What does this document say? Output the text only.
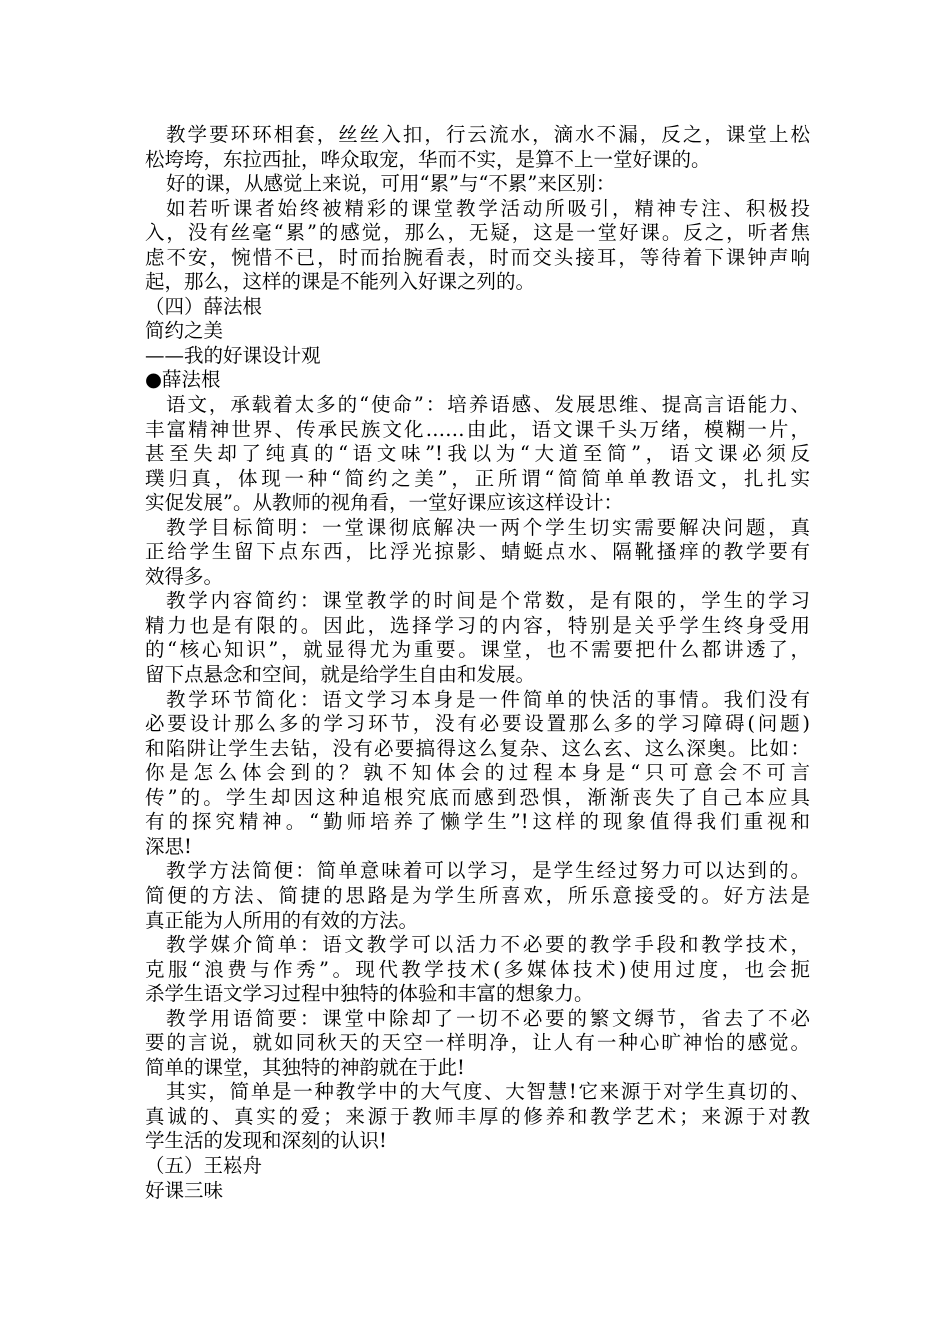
教学要环环相套，丝丝入扣，行云流水，滴水不漏，反之，课堂上松
松垮垮，东拉西扯，哗众取宠，华而不实，是算不上一堂好课的。
好的课，从感觉上来说，可用“累”与“不累”来区别：
如若听课者始终被精彩的课堂教学活动所吸引，精神专注、积极投
入，没有丝毫“累”的感觉，那么，无疑，这是一堂好课。反之，听者焦
虑不安，惋惜不已，时而抬腕看表，时而交头接耳，等待着下课钟声响
起，那么，这样的课是不能列入好课之列的。
（四）薛法根
简约之美
——我的好课设计观
●薛法根
语文，承载着太多的“使命”：培养语感、发展思维、提高言语能力、
丰富精神世界、传承民族文化……由此，语文课千头万绪，模糊一片，
甚至失却了纯真的“语文味”!我以为“大道至简”，语文课必须反
璞归真，体现一种“简约之美”，正所谓“简简单单教语文，扎扎实
实促发展”。从教师的视角看，一堂好课应该这样设计：
教学目标简明：一堂课彻底解决一两个学生切实需要解决问题，真
正给学生留下点东西，比浮光掠影、蜻蜓点水、隔靴搔痒的教学要有
效得多。
教学内容简约：课堂教学的时间是个常数，是有限的，学生的学习
精力也是有限的。因此，选择学习的内容，特别是关乎学生终身受用
的“核心知识”，就显得尤为重要。课堂，也不需要把什么都讲透了，
留下点悬念和空间，就是给学生自由和发展。
教学环节简化：语文学习本身是一件简单的快活的事情。我们没有
必要设计那么多的学习环节，没有必要设置那么多的学习障碍(问题)
和陷阱让学生去钻，没有必要搞得这么复杂、这么玄、这么深奥。比如：
你是怎么体会到的？孰不知体会的过程本身是“只可意会不可言
传”的。学生却因这种追根究底而感到恐惧，渐渐丧失了自己本应具
有的探究精神。“勤师培养了懒学生”!这样的现象值得我们重视和
深思!
教学方法简便：简单意味着可以学习，是学生经过努力可以达到的。
简便的方法、简捷的思路是为学生所喜欢，所乐意接受的。好方法是
真正能为人所用的有效的方法。
教学媒介简单：语文教学可以活力不必要的教学手段和教学技术，
克服“浪费与作秀”。现代教学技术(多媒体技术)使用过度，也会扼
杀学生语文学习过程中独特的体验和丰富的想象力。
教学用语简要：课堂中除却了一切不必要的繁文缛节，省去了不必
要的言说，就如同秋天的天空一样明净，让人有一种心旷神怡的感觉。
简单的课堂，其独特的神韵就在于此!
其实，简单是一种教学中的大气度、大智慧!它来源于对学生真切的、
真诚的、真实的爱；来源于教师丰厚的修养和教学艺术；来源于对教
学生活的发现和深刻的认识!
（五）王崧舟
好课三味
